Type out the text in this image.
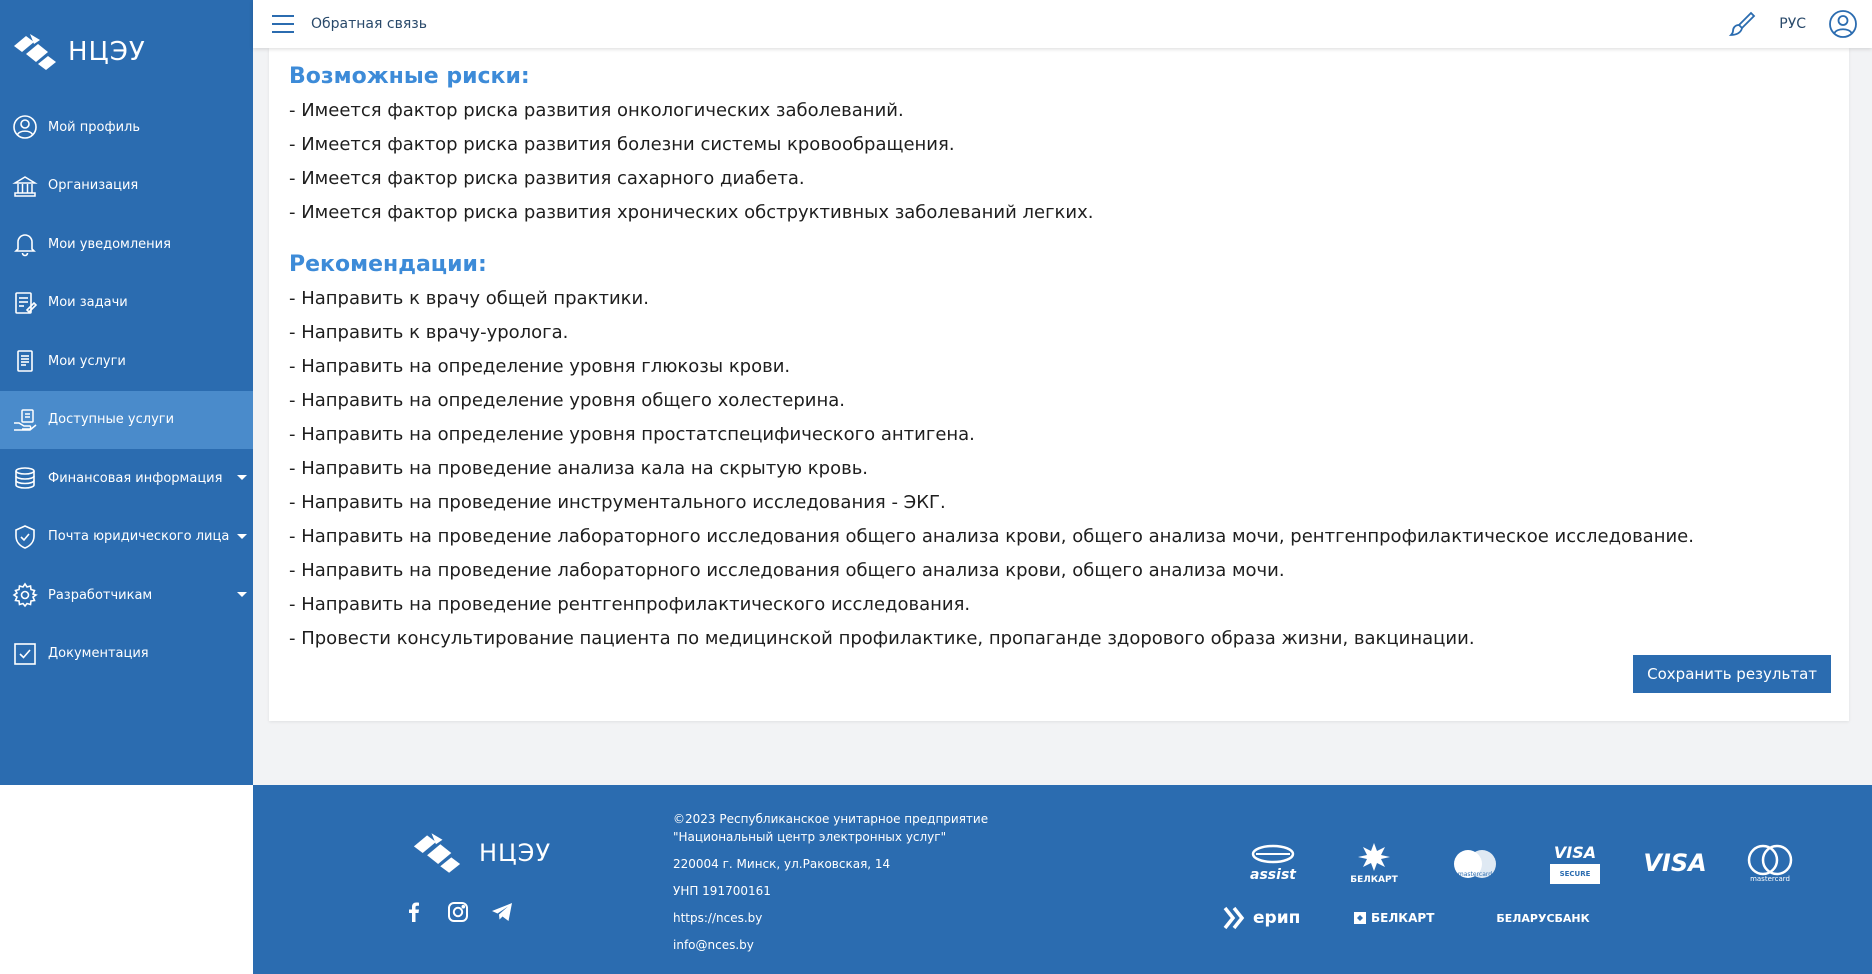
НЦЭУ
Мой профиль
Организация
Мои уведомления
Мои задачи
Мои услуги
Доступные услуги
Финансовая информация
Почта юридического лица
Разработчикам
Документация
Обратная связь	РУС
Возможные риски:
- Имеется фактор риска развития онкологических заболеваний.
- Имеется фактор риска развития болезни системы кровообращения.
- Имеется фактор риска развития сахарного диабета.
- Имеется фактор риска развития хронических обструктивных заболеваний легких.
Рекомендации:
- Направить к врачу общей практики.
- Направить к врачу-уролога.
- Направить на определение уровня глюкозы крови.
- Направить на определение уровня общего холестерина.
- Направить на определение уровня простатспецифического антигена.
- Направить на проведение анализа кала на скрытую кровь.
- Направить на проведение инструментального исследования - ЭКГ.
- Направить на проведение лабораторного исследования общего анализа крови, общего анализа мочи, рентгенпрофилактическое исследование.
- Направить на проведение лабораторного исследования общего анализа крови, общего анализа мочи.
- Направить на проведение рентгенпрофилактического исследования.
- Провести консультирование пациента по медицинской профилактике, пропаганде здорового образа жизни, вакцинации.
Сохранить результат
НЦЭУ
©2023 Республиканское унитарное предприятие
"Национальный центр электронных услуг"
220004 г. Минск, ул.Раковская, 14
УНП 191700161
https://nces.by
info@nces.by
assist	БЕЛКАРТ	mastercard
VISA
SECURE	VISA
mastercard
ерип	БЕЛКАРТ	БЕЛАРУСБАНК
